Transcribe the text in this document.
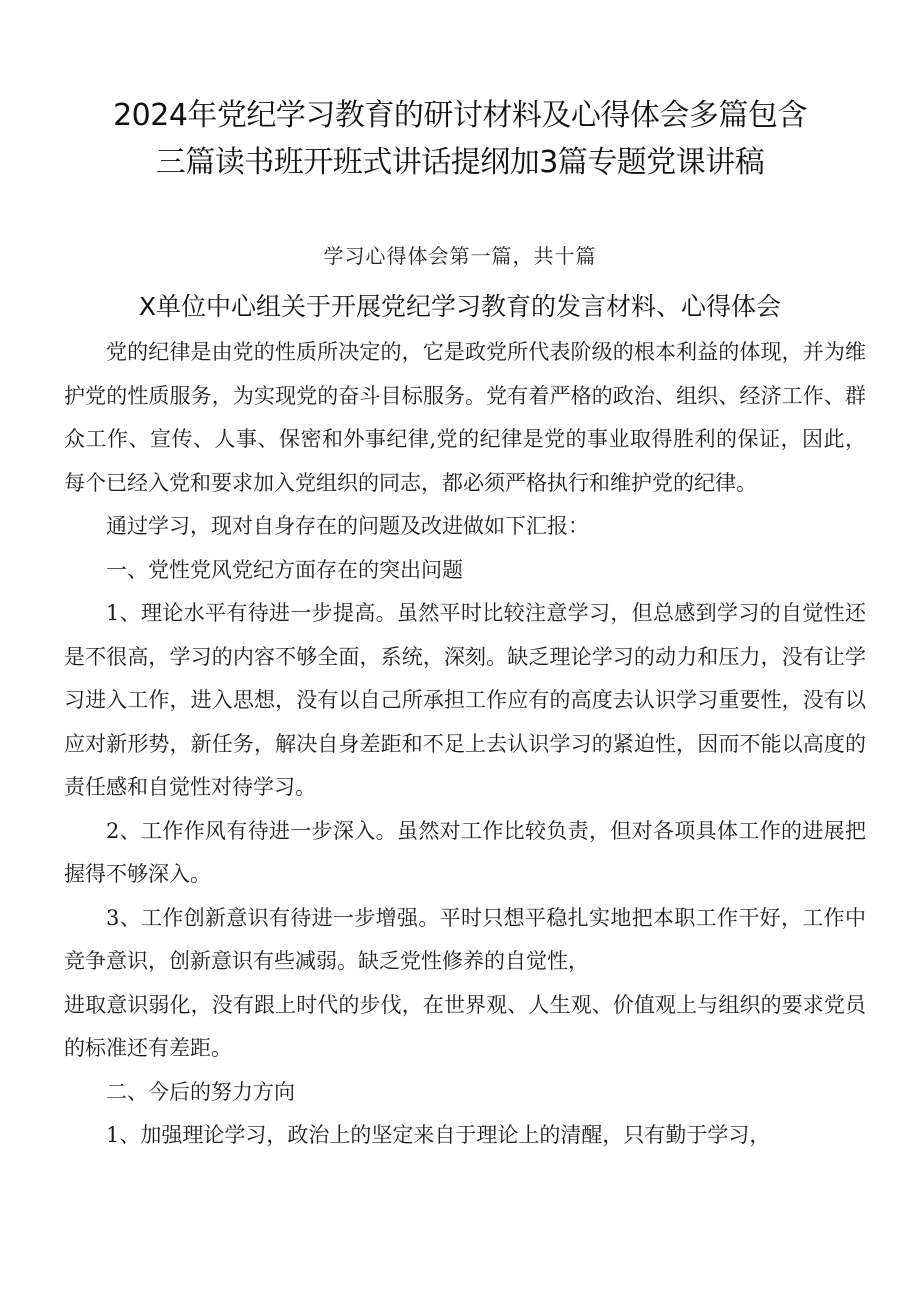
2024年党纪学习教育的研讨材料及心得体会多篇包含
三篇读书班开班式讲话提纲加3篇专题党课讲稿
学习心得体会第一篇，共十篇
X单位中心组关于开展党纪学习教育的发言材料、心得体会

党的纪律是由党的性质所决定的，它是政党所代表阶级的根本利益的体现，并为维护党的性质服务，为实现党的奋斗目标服务。党有着严格的政治、组织、经济工作、群众工作、宣传、人事、保密和外事纪律,党的纪律是党的事业取得胜利的保证，因此，每个已经入党和要求加入党组织的同志，都必须严格执行和维护党的纪律。

通过学习，现对自身存在的问题及改进做如下汇报：

一、党性党风党纪方面存在的突出问题

1、理论水平有待进一步提高。虽然平时比较注意学习，但总感到学习的自觉性还是不很高，学习的内容不够全面，系统，深刻。缺乏理论学习的动力和压力，没有让学习进入工作，进入思想，没有以自己所承担工作应有的高度去认识学习重要性，没有以应对新形势，新任务，解决自身差距和不足上去认识学习的紧迫性，因而不能以高度的责任感和自觉性对待学习。

2、工作作风有待进一步深入。虽然对工作比较负责，但对各项具体工作的进展把握得不够深入。

3、工作创新意识有待进一步增强。平时只想平稳扎实地把本职工作干好，工作中竞争意识，创新意识有些减弱。缺乏党性修养的自觉性，

进取意识弱化，没有跟上时代的步伐，在世界观、人生观、价值观上与组织的要求党员的标准还有差距。

二、今后的努力方向

1、加强理论学习，政治上的坚定来自于理论上的清醒，只有勤于学习，
